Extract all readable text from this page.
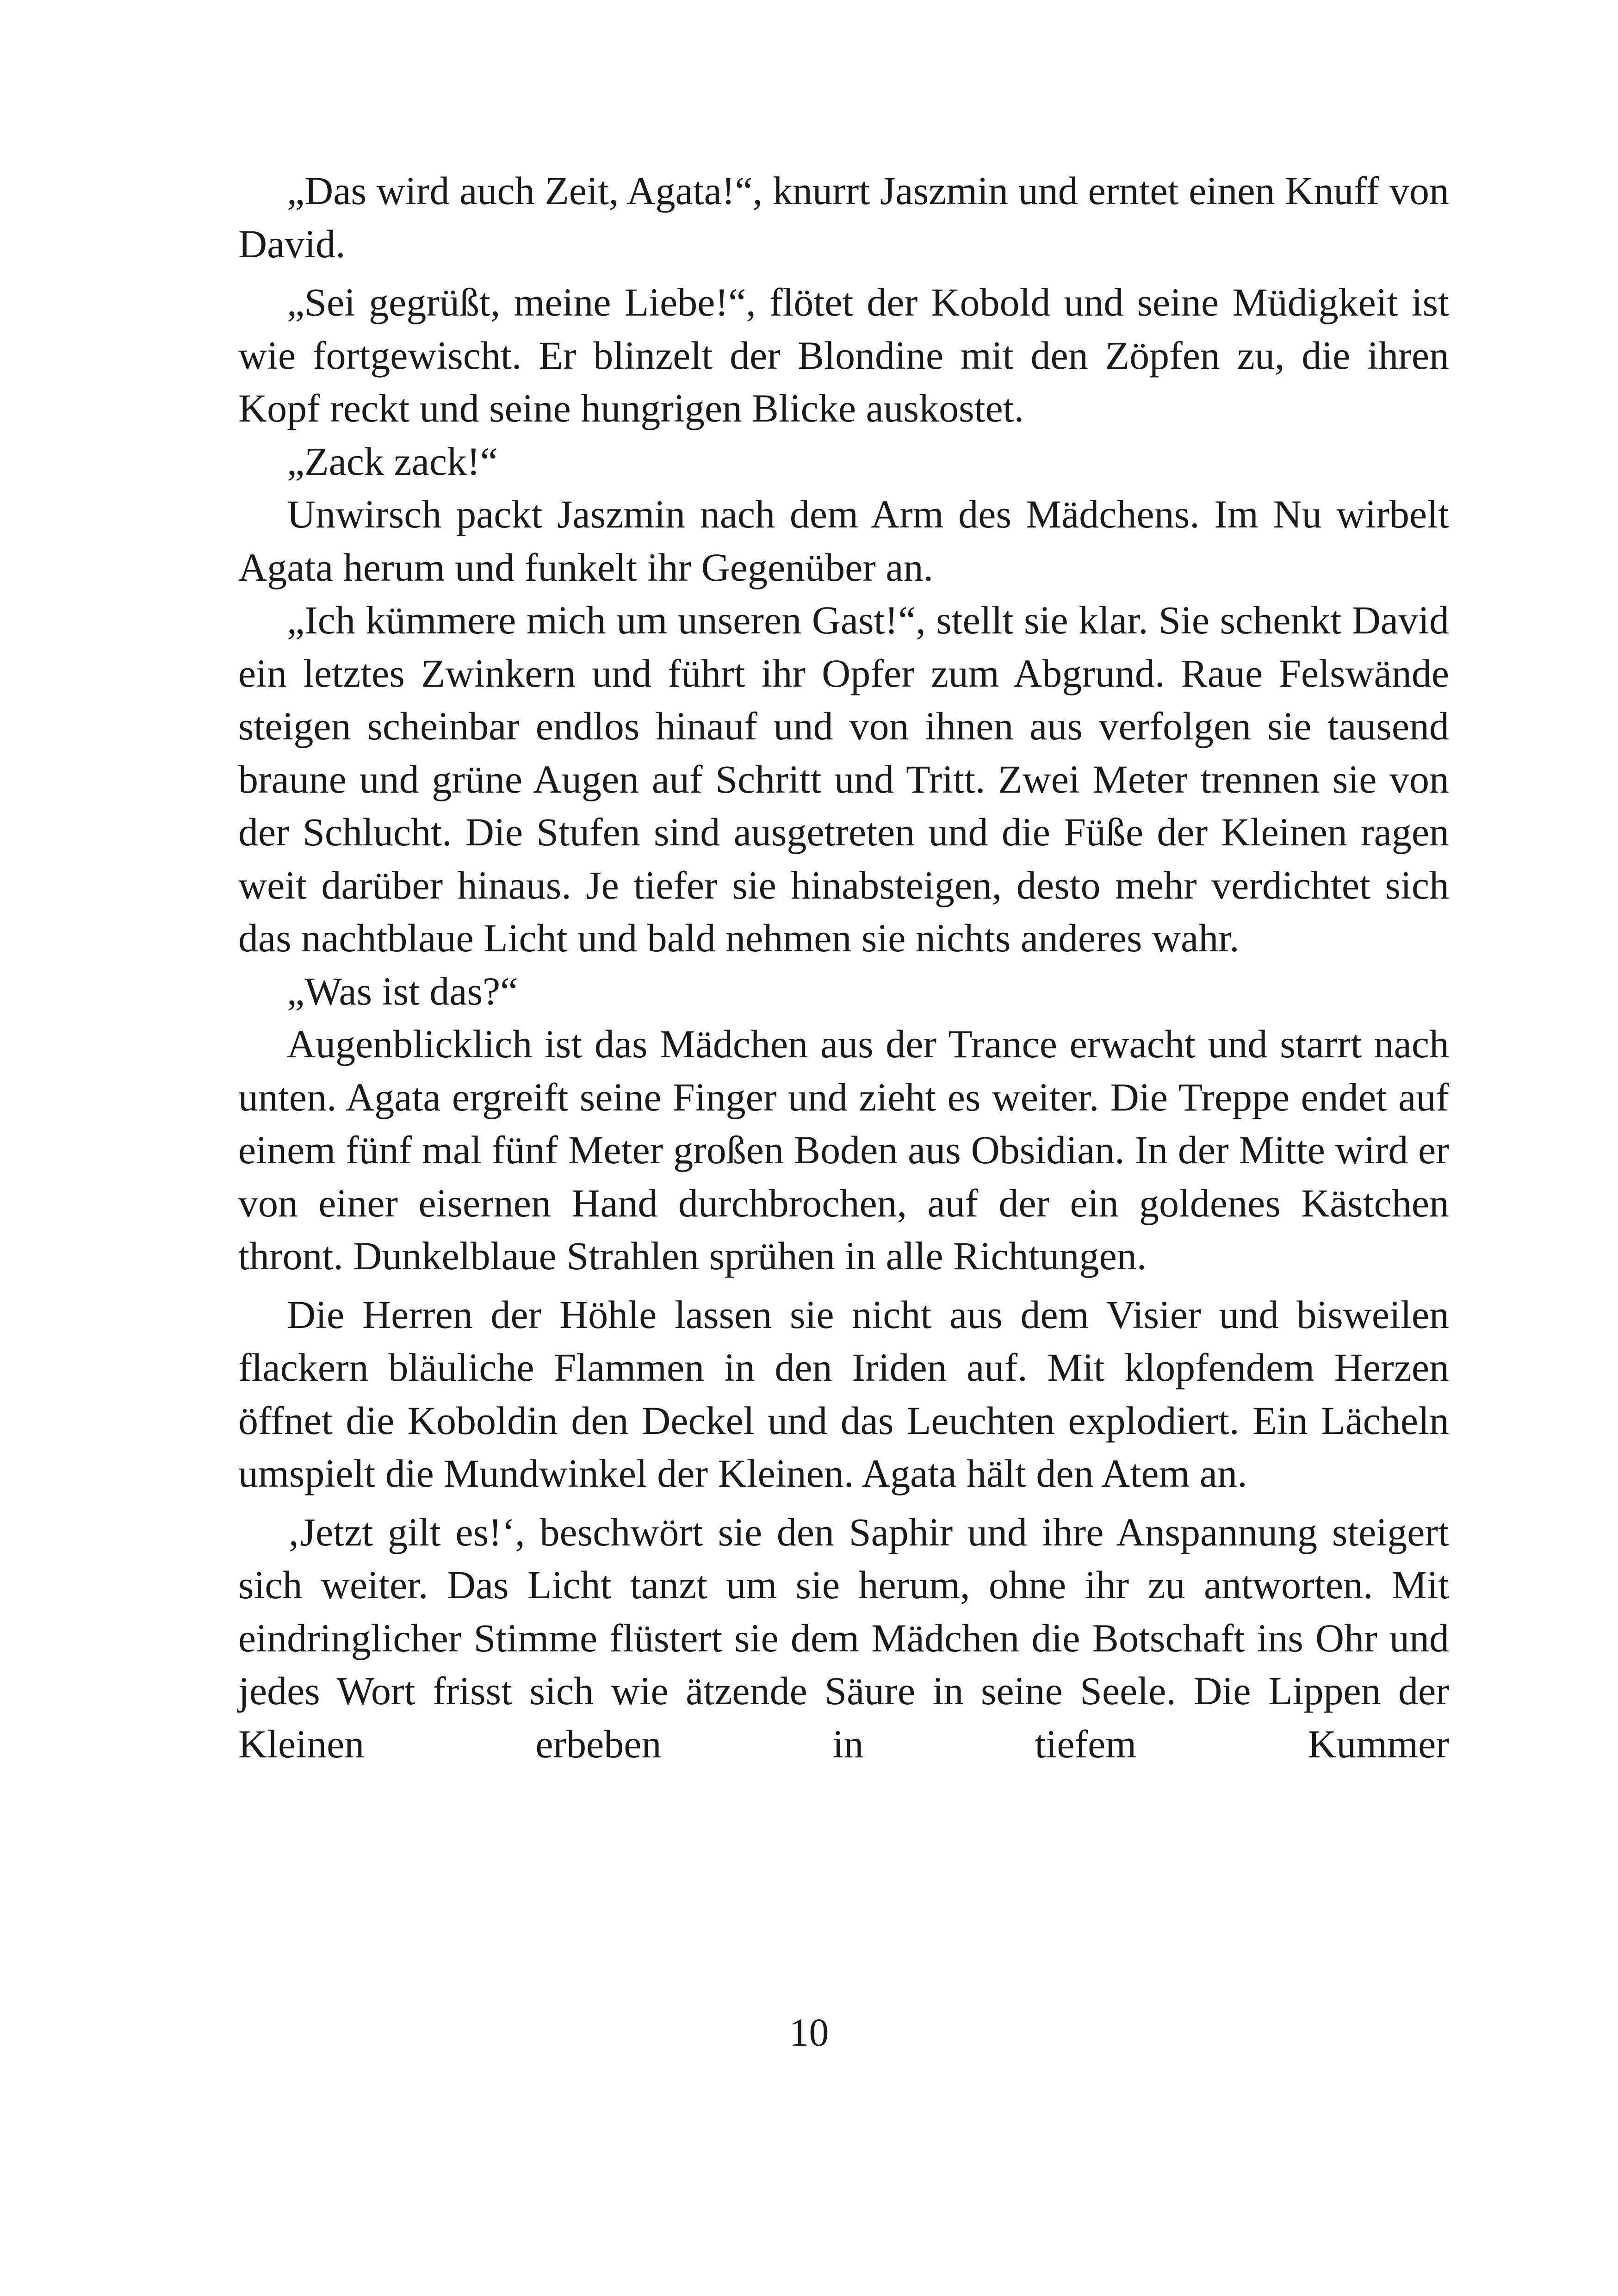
„Das wird auch Zeit, Agata!“, knurrt Jaszmin und erntet einen Knuff von David.

„Sei gegrüßt, meine Liebe!“, flötet der Kobold und seine Müdigkeit ist wie fortgewischt. Er blinzelt der Blondine mit den Zöpfen zu, die ihren Kopf reckt und seine hungrigen Blicke auskostet.

„Zack zack!“

Unwirsch packt Jaszmin nach dem Arm des Mädchens. Im Nu wirbelt Agata herum und funkelt ihr Gegenüber an.

„Ich kümmere mich um unseren Gast!“, stellt sie klar. Sie schenkt David ein letztes Zwinkern und führt ihr Opfer zum Abgrund. Raue Felswände steigen scheinbar endlos hinauf und von ihnen aus verfolgen sie tausend braune und grüne Augen auf Schritt und Tritt. Zwei Meter trennen sie von der Schlucht. Die Stufen sind ausgetreten und die Füße der Kleinen ragen weit darüber hinaus. Je tiefer sie hinabsteigen, desto mehr verdichtet sich das nachtblaue Licht und bald nehmen sie nichts anderes wahr.

„Was ist das?“

Augenblicklich ist das Mädchen aus der Trance erwacht und starrt nach unten. Agata ergreift seine Finger und zieht es weiter. Die Treppe endet auf einem fünf mal fünf Meter großen Boden aus Obsidian. In der Mitte wird er von einer eisernen Hand durchbrochen, auf der ein goldenes Kästchen thront. Dunkelblaue Strahlen sprühen in alle Richtungen.

Die Herren der Höhle lassen sie nicht aus dem Visier und bisweilen flackern bläuliche Flammen in den Iriden auf. Mit klopfendem Herzen öffnet die Koboldin den Deckel und das Leuchten explodiert. Ein Lächeln umspielt die Mundwinkel der Kleinen. Agata hält den Atem an.

‚Jetzt gilt es!‘, beschwört sie den Saphir und ihre Anspannung steigert sich weiter. Das Licht tanzt um sie herum, ohne ihr zu antworten. Mit eindringlicher Stimme flüstert sie dem Mädchen die Botschaft ins Ohr und jedes Wort frisst sich wie ätzende Säure in seine Seele. Die Lippen der Kleinen erbeben in tiefem Kummer

10
